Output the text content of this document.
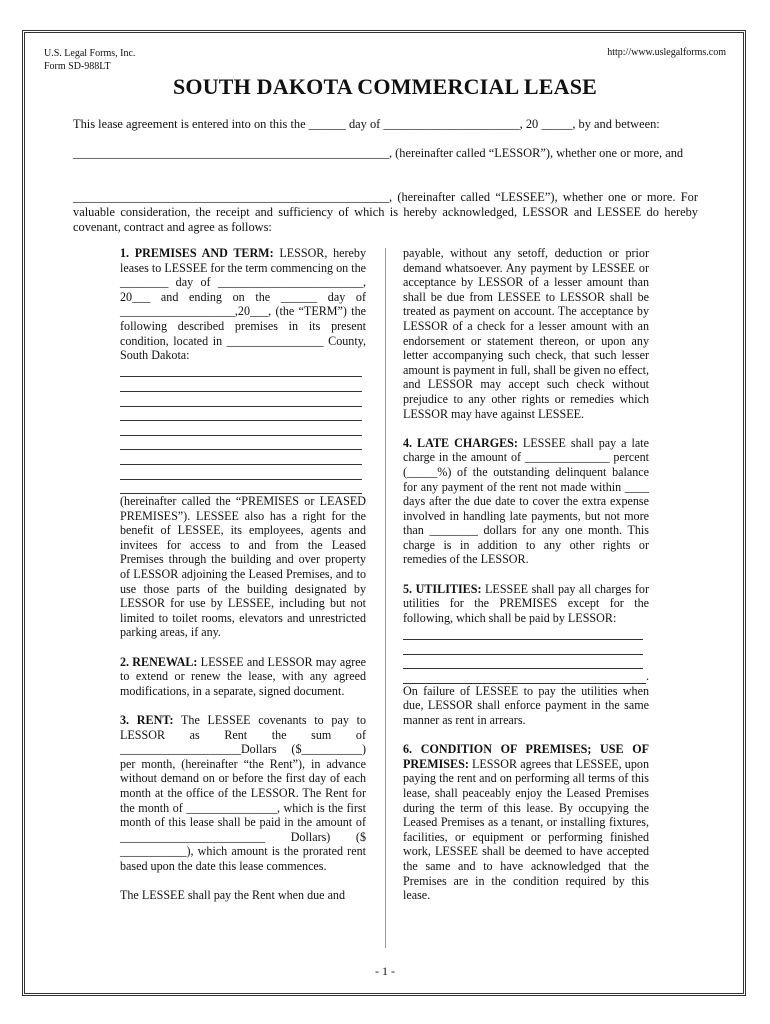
U.S. Legal Forms, Inc.
Form SD-988LT
http://www.uslegalforms.com
SOUTH DAKOTA COMMERCIAL LEASE
This lease agreement is entered into on this the ______ day of ______________________, 20 _____, by and between:
___________________________________________________, (hereinafter called “LESSOR”), whether one or more, and
___________________________________________________, (hereinafter called “LESSEE”), whether one or more. For valuable consideration, the receipt and sufficiency of which is hereby acknowledged, LESSOR and LESSEE do hereby covenant, contract and agree as follows:

1. PREMISES AND TERM: LESSOR, hereby leases to LESSEE for the term commencing on the ________ day of ________________________, 20___ and ending on the ______ day of ___________________,20___, (the “TERM”) the following described premises in its present condition, located in ________________ County, South Dakota:

(hereinafter called the “PREMISES or LEASED PREMISES”). LESSEE also has a right for the benefit of LESSEE, its employees, agents and invitees for access to and from the Leased Premises through the building and over property of LESSOR adjoining the Leased Premises, and to use those parts of the building designated by LESSOR for use by LESSEE, including but not limited to toilet rooms, elevators and unrestricted parking areas, if any.

2. RENEWAL: LESSEE and LESSOR may agree to extend or renew the lease, with any agreed modifications, in a separate, signed document.

3. RENT: The LESSEE covenants to pay to LESSOR as Rent the sum of ____________________Dollars ($__________) per month, (hereinafter “the Rent”), in advance without demand on or before the first day of each month at the office of the LESSOR. The Rent for the month of _______________, which is the first month of this lease shall be paid in the amount of ________________________ Dollars) ($ ___________), which amount is the prorated rent based upon the date this lease commences.

The LESSEE shall pay the Rent when due and

payable, without any setoff, deduction or prior demand whatsoever. Any payment by LESSEE or acceptance by LESSOR of a lesser amount than shall be due from LESSEE to LESSOR shall be treated as payment on account. The acceptance by LESSOR of a check for a lesser amount with an endorsement or statement thereon, or upon any letter accompanying such check, that such lesser amount is payment in full, shall be given no effect, and LESSOR may accept such check without prejudice to any other rights or remedies which LESSOR may have against LESSEE.

4. LATE CHARGES: LESSEE shall pay a late charge in the amount of ______________ percent (_____%) of the outstanding delinquent balance for any payment of the rent not made within ____ days after the due date to cover the extra expense involved in handling late payments, but not more than ________ dollars for any one month. This charge is in addition to any other rights or remedies of the LESSOR.

5. UTILITIES: LESSEE shall pay all charges for utilities for the PREMISES except for the following, which shall be paid by LESSOR:

.

On failure of LESSEE to pay the utilities when due, LESSOR shall enforce payment in the same manner as rent in arrears.

6. CONDITION OF PREMISES; USE OF PREMISES: LESSOR agrees that LESSEE, upon paying the rent and on performing all terms of this lease, shall peaceably enjoy the Leased Premises during the term of this lease. By occupying the Leased Premises as a tenant, or installing fixtures, facilities, or equipment or performing finished work, LESSEE shall be deemed to have accepted the same and to have acknowledged that the Premises are in the condition required by this lease.

- 1 -
